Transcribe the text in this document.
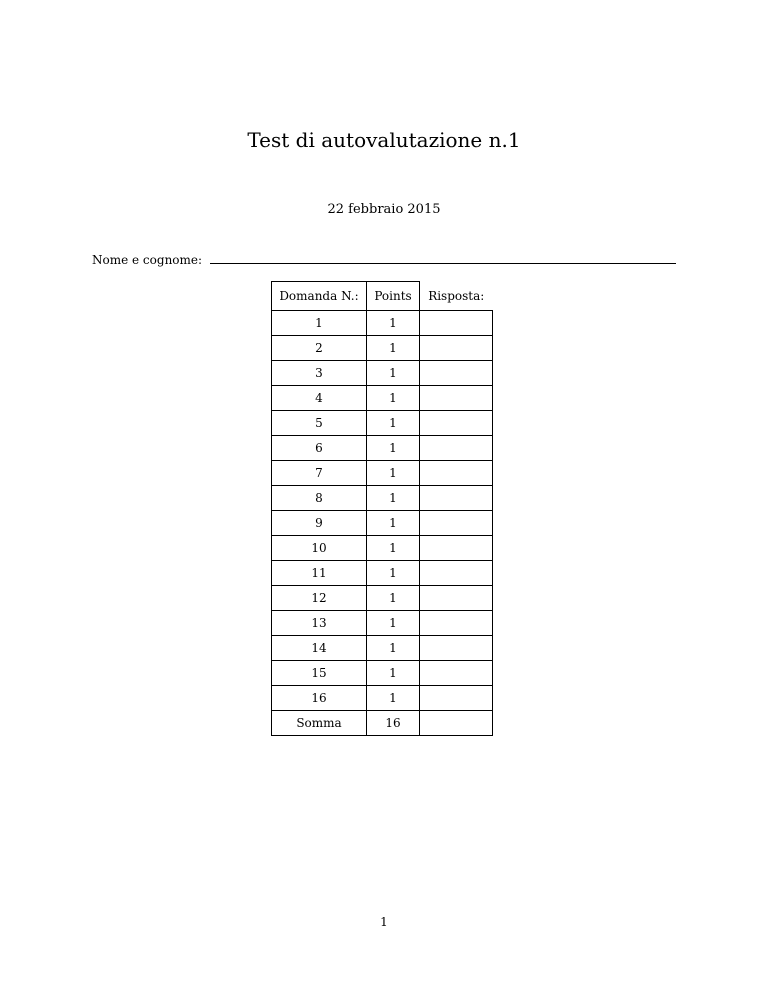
Test di autovalutazione n.1
22 febbraio 2015
Nome e cognome:
Domanda N.:	Points	Risposta:
1	1	
2	1	
3	1	
4	1	
5	1	
6	1	
7	1	
8	1	
9	1	
10	1	
11	1	
12	1	
13	1	
14	1	
15	1	
16	1	
Somma	16	
1
